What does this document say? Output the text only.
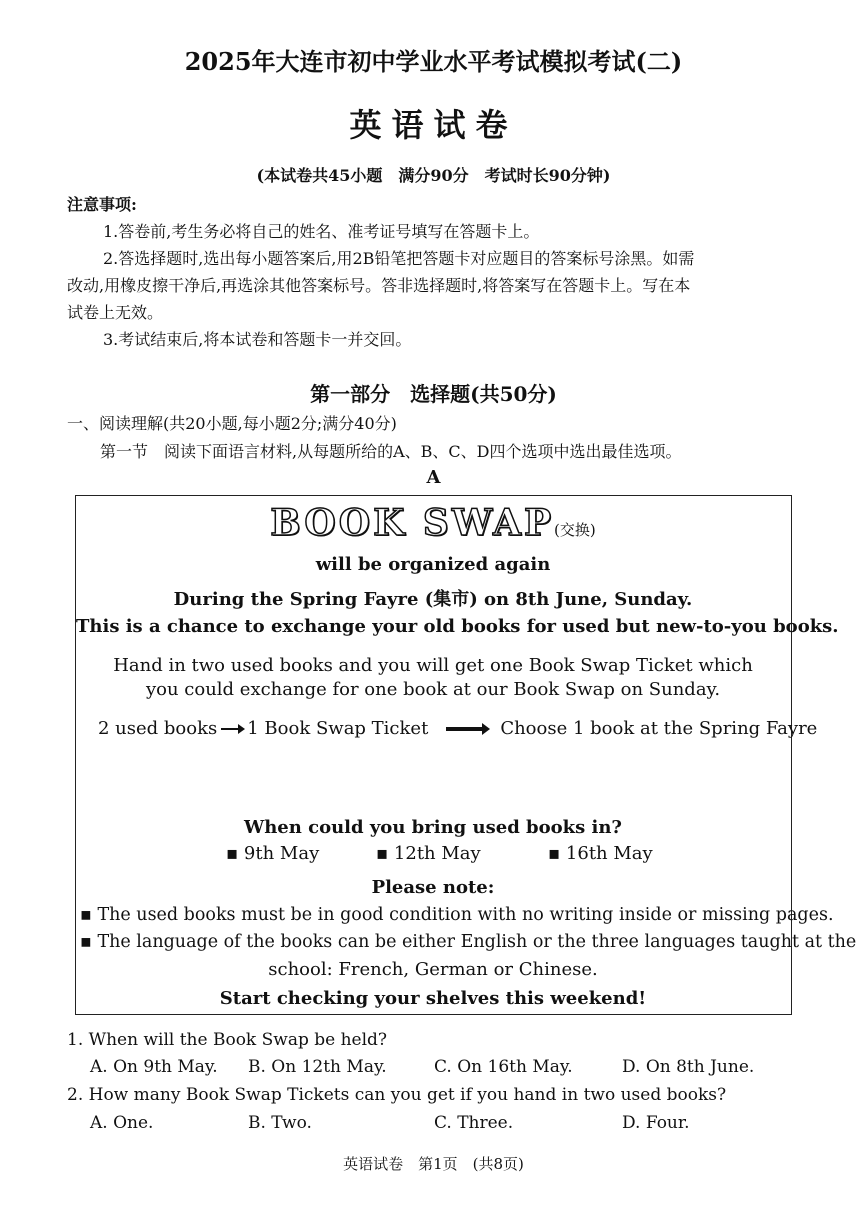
2025年大连市初中学业水平考试模拟考试(二)
英语试卷
(本试卷共45小题　满分90分　考试时长90分钟)
注意事项:
1.答卷前,考生务必将自己的姓名、准考证号填写在答题卡上。
2.答选择题时,选出每小题答案后,用2B铅笔把答题卡对应题目的答案标号涂黑。如需
改动,用橡皮擦干净后,再选涂其他答案标号。答非选择题时,将答案写在答题卡上。写在本
试卷上无效。
3.考试结束后,将本试卷和答题卡一并交回。
第一部分　选择题(共50分)
一、阅读理解(共20小题,每小题2分;满分40分)
第一节　阅读下面语言材料,从每题所给的A、B、C、D四个选项中选出最佳选项。
A
BOOK SWAP(交换)
will be organized again
During the Spring Fayre (集市) on 8th June, Sunday.
This is a chance to exchange your old books for used but new-to-you books.
Hand in two used books and you will get one Book Swap Ticket which
you could exchange for one book at our Book Swap on Sunday.
2 used books 1 Book Swap Ticket	Choose 1 book at the Spring Fayre
When could you bring used books in?
▪ 9th May	▪ 12th May	▪ 16th May
Please note:
▪ The used books must be in good condition with no writing inside or missing pages.
▪ The language of the books can be either English or the three languages taught at the
school: French, German or Chinese.
Start checking your shelves this weekend!
1. When will the Book Swap be held?
A. On 9th May. B. On 12th May.	C. On 16th May.	D. On 8th June.
2. How many Book Swap Tickets can you get if you hand in two used books?
A. One.	B. Two.	C. Three.	D. Four.
英语试卷　第1页　(共8页)
